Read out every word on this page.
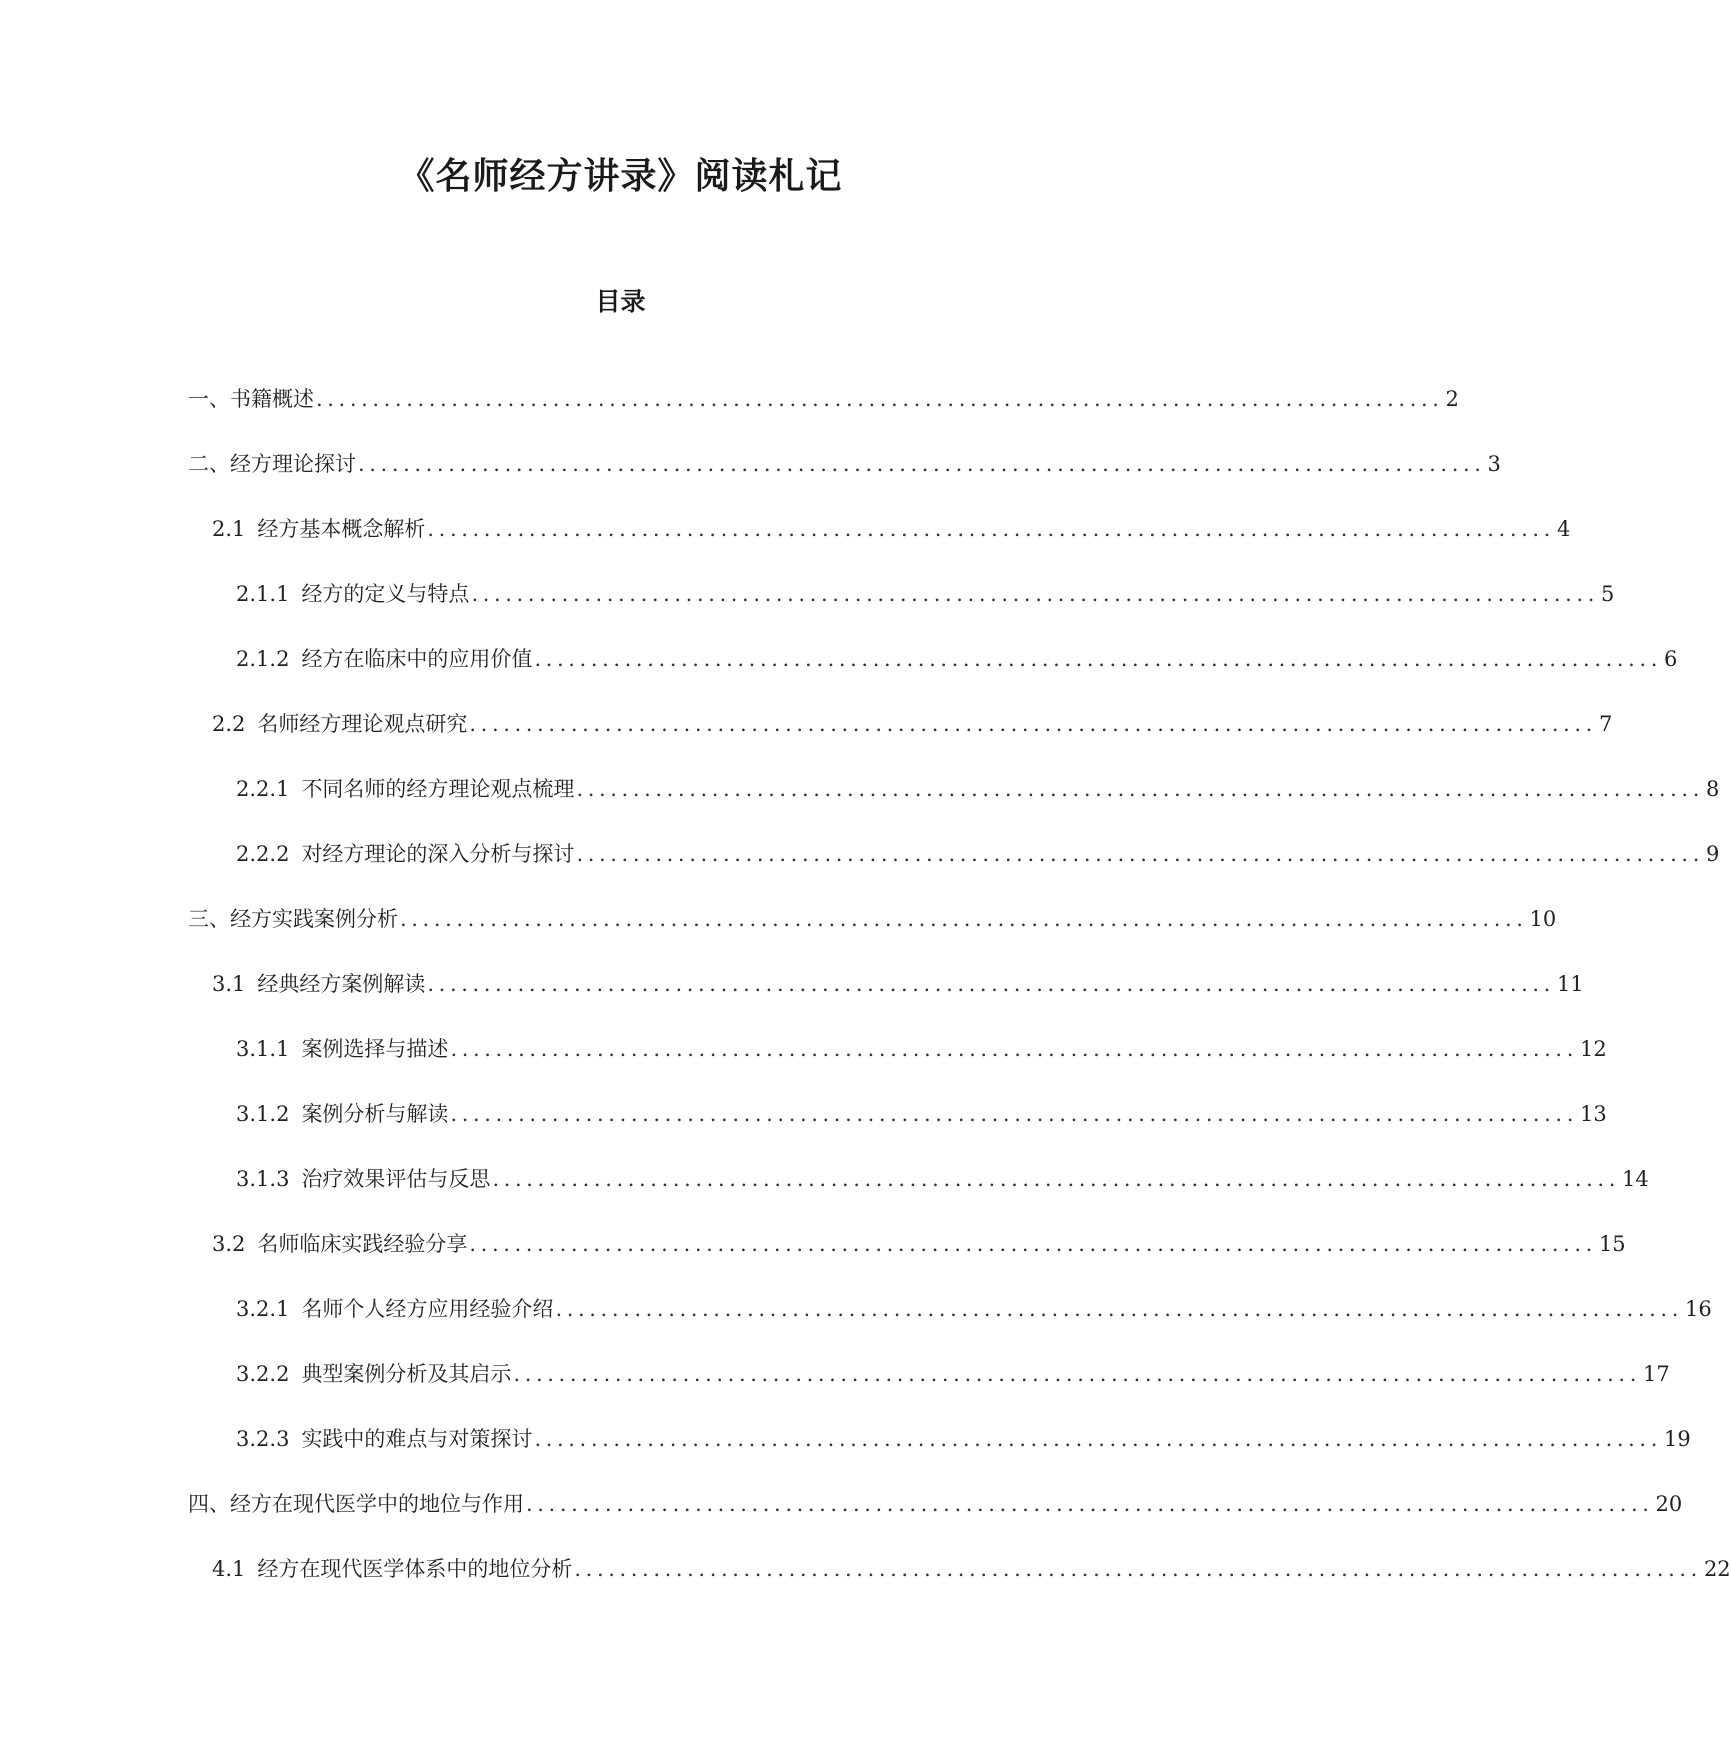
《名师经方讲录》阅读札记
目录
一、 书籍概述 .................................................................................................... 2
二、 经方理论探讨 .................................................................................................... 3
2.1 经方基本概念解析 .................................................................................................... 4
2.1.1 经方的定义与特点 .................................................................................................... 5
2.1.2 经方在临床中的应用价值 .................................................................................................... 6
2.2 名师经方理论观点研究 .................................................................................................... 7
2.2.1 不同名师的经方理论观点梳理 .................................................................................................... 8
2.2.2 对经方理论的深入分析与探讨 .................................................................................................... 9
三、 经方实践案例分析 .................................................................................................... 10
3.1 经典经方案例解读 .................................................................................................... 11
3.1.1 案例选择与描述 .................................................................................................... 12
3.1.2 案例分析与解读 .................................................................................................... 13
3.1.3 治疗效果评估与反思 .................................................................................................... 14
3.2 名师临床实践经验分享 .................................................................................................... 15
3.2.1 名师个人经方应用经验介绍 .................................................................................................... 16
3.2.2 典型案例分析及其启示 .................................................................................................... 17
3.2.3 实践中的难点与对策探讨 .................................................................................................... 19
四、 经方在现代医学中的地位与作用 .................................................................................................... 20
4.1 经方在现代医学体系中的地位分析 .................................................................................................... 22
